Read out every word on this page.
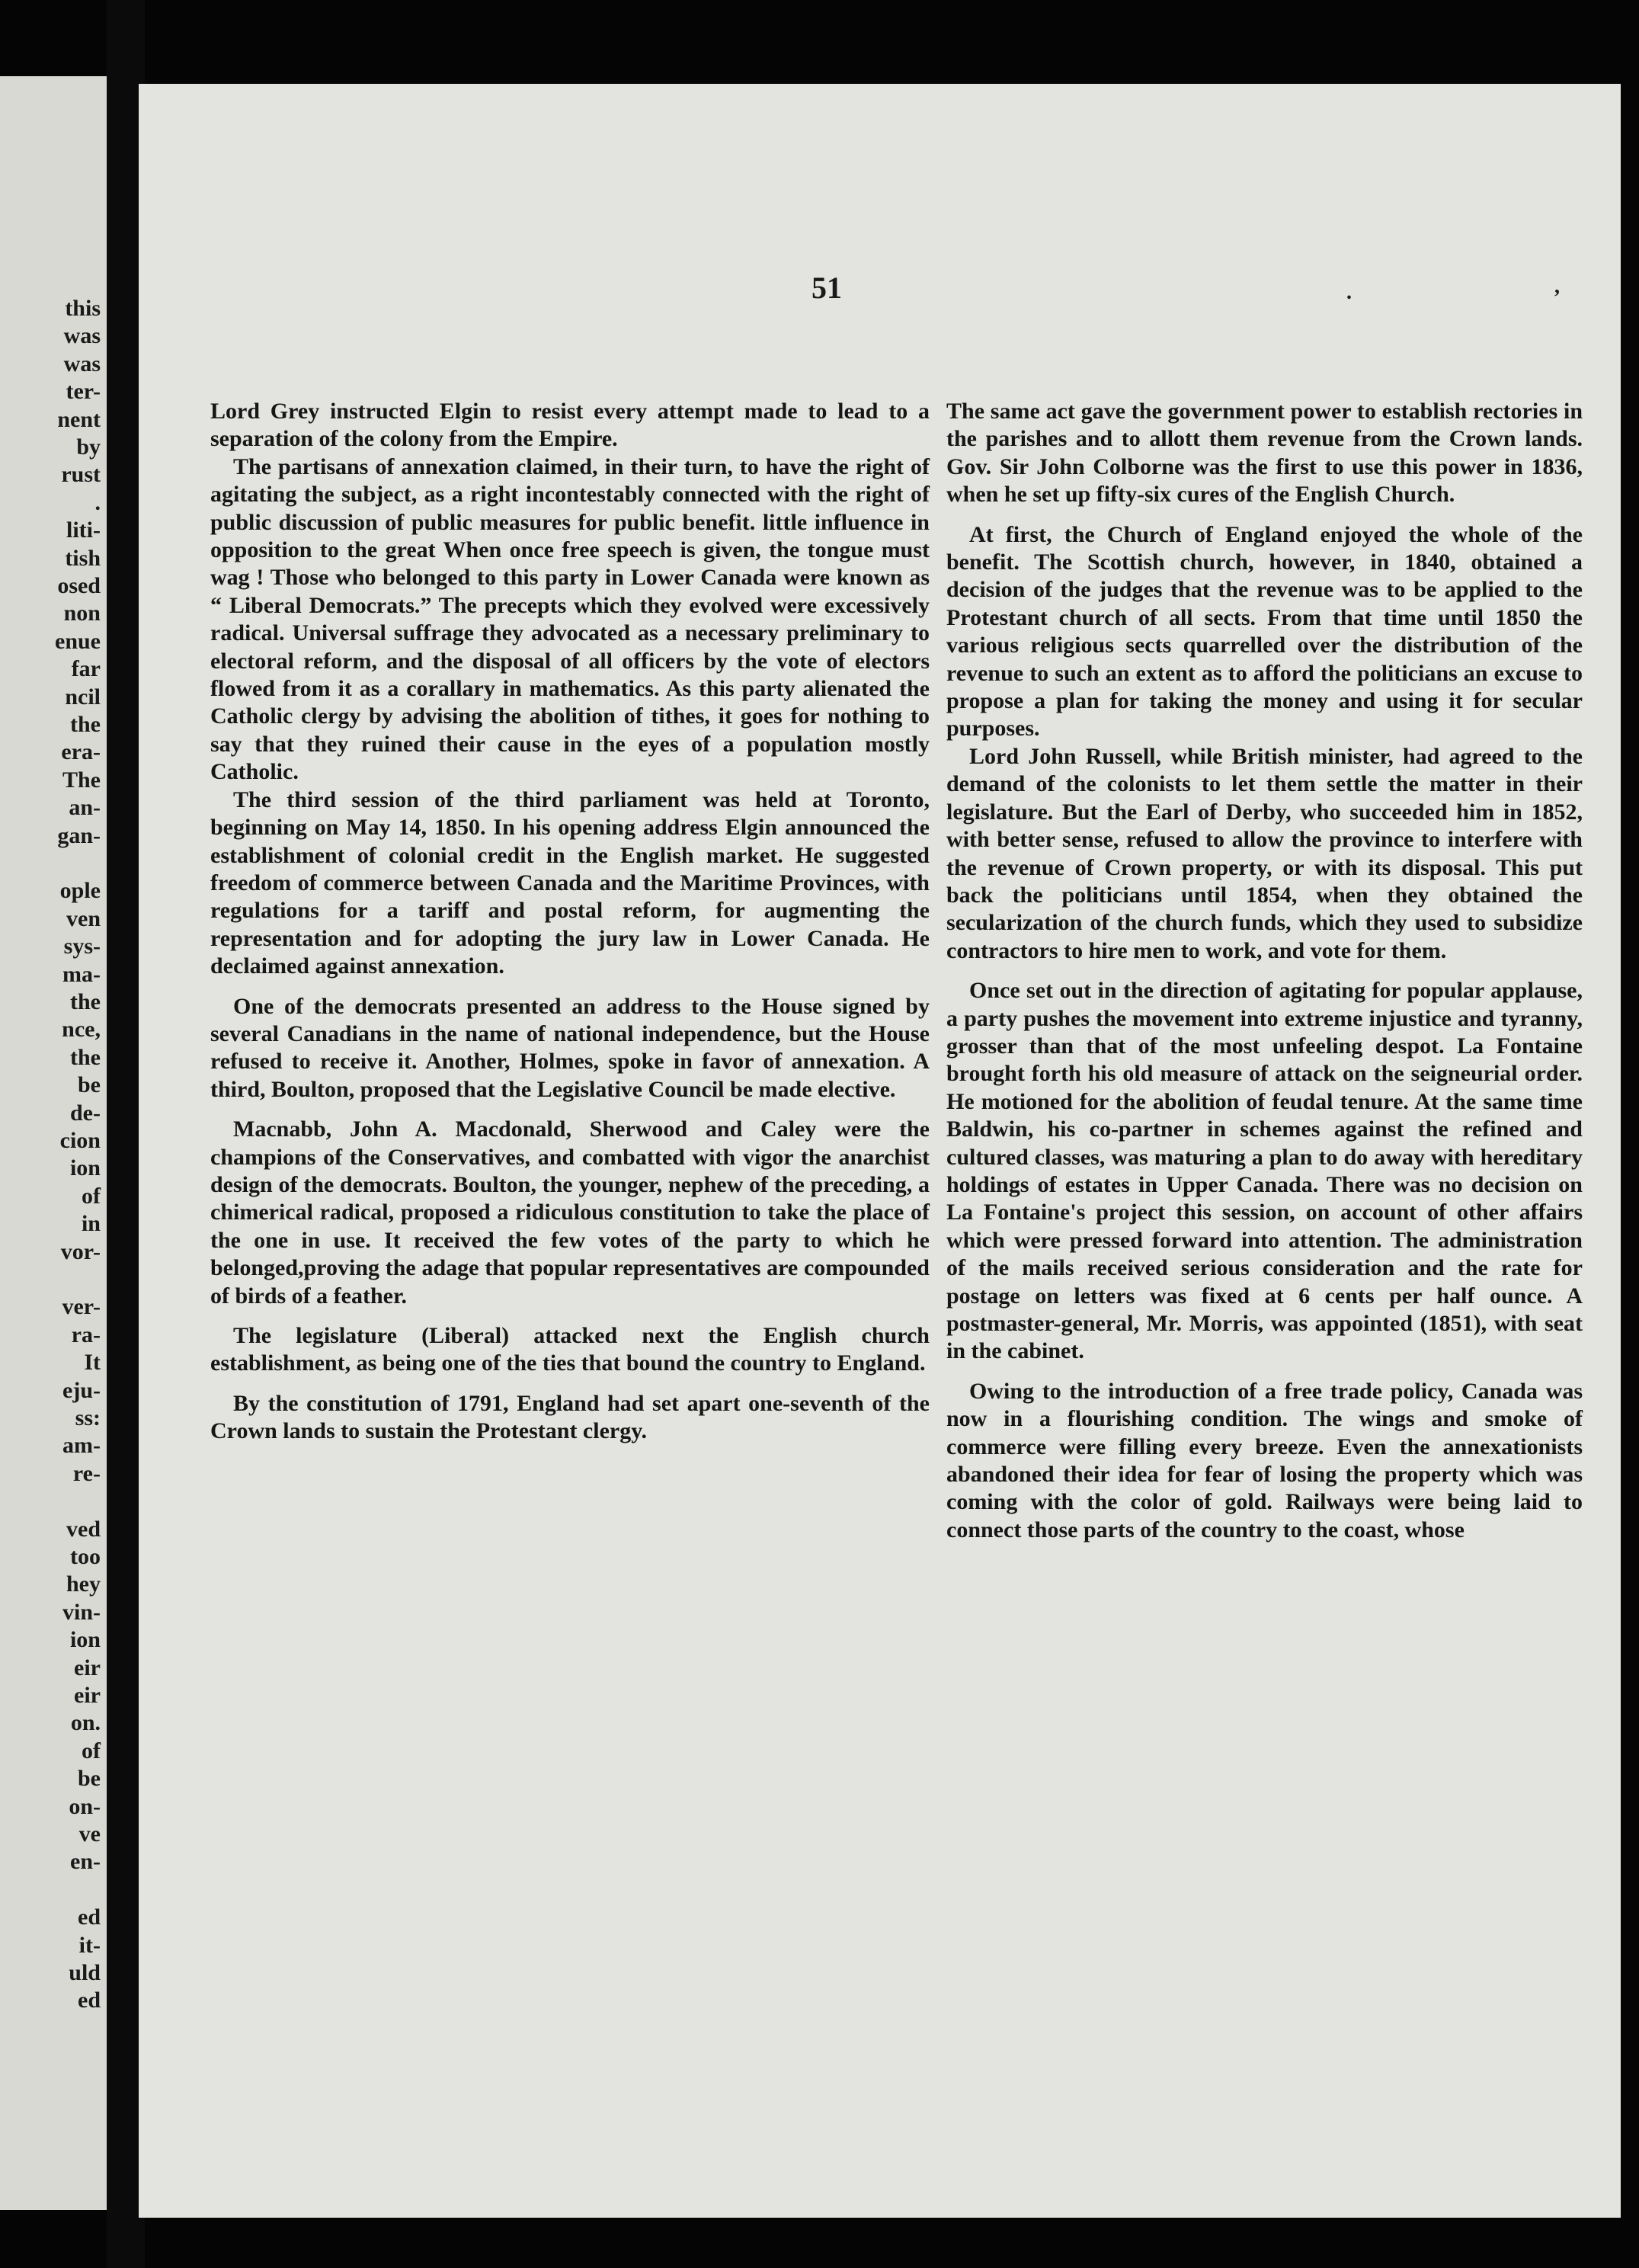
this
was
was
ter-
nent
by
rust
.
liti-
tish
osed
non
enue
far
ncil
the
era-
The
an-
gan-
ople
ven
sys-
ma-
the
nce,
the
be
de-
cion
ion
of
in
vor-
ver-
ra-
It
eju-
ss:
am-
re-
ved
too
hey
vin-
ion
eir
eir
on.
of
be
on-
ve
en-
ed
it-
uld
ed
51	.	,

Lord Grey instructed Elgin to resist every attempt made to lead to a separation of the colony from the Empire.

The partisans of annexation claimed, in their turn, to have the right of agitating the subject, as a right incontestably connected with the right of public discussion of public measures for public benefit. little influence in opposition to the great When once free speech is given, the tongue must wag ! Those who belonged to this party in Lower Canada were known as “ Liberal Democrats.” The precepts which they evolved were excessively radical. Universal suffrage they advocated as a necessary preliminary to electoral reform, and the disposal of all officers by the vote of electors flowed from it as a corallary in mathematics. As this party alienated the Catholic clergy by advising the abolition of tithes, it goes for nothing to say that they ruined their cause in the eyes of a population mostly Catholic.

The third session of the third parliament was held at Toronto, beginning on May 14, 1850. In his opening address Elgin announced the establishment of colonial credit in the English market. He suggested freedom of commerce between Canada and the Maritime Provinces, with regulations for a tariff and postal reform, for augmenting the representation and for adopting the jury law in Lower Canada. He declaimed against annexation.

One of the democrats presented an address to the House signed by several Canadians in the name of national independence, but the House refused to receive it. Another, Holmes, spoke in favor of annexation. A third, Boulton, proposed that the Legislative Council be made elective.

Macnabb, John A. Macdonald, Sherwood and Caley were the champions of the Conservatives, and combatted with vigor the anarchist design of the democrats. Boulton, the younger, nephew of the preceding, a chimerical radical, proposed a ridiculous constitution to take the place of the one in use. It received the few votes of the party to which he belonged,proving the adage that popular representatives are compounded of birds of a feather.

The legislature (Liberal) attacked next the English church establishment, as being one of the ties that bound the country to England.

By the constitution of 1791, England had set apart one-seventh of the Crown lands to sustain the Protestant clergy.

The same act gave the government power to establish rectories in the parishes and to allott them revenue from the Crown lands. Gov. Sir John Colborne was the first to use this power in 1836, when he set up fifty-six cures of the English Church.

At first, the Church of England enjoyed the whole of the benefit. The Scottish church, however, in 1840, obtained a decision of the judges that the revenue was to be applied to the Protestant church of all sects. From that time until 1850 the various religious sects quarrelled over the distribution of the revenue to such an extent as to afford the politicians an excuse to propose a plan for taking the money and using it for secular purposes.

Lord John Russell, while British minister, had agreed to the demand of the colonists to let them settle the matter in their legislature. But the Earl of Derby, who succeeded him in 1852, with better sense, refused to allow the province to interfere with the revenue of Crown property, or with its disposal. This put back the politicians until 1854, when they obtained the secularization of the church funds, which they used to subsidize contractors to hire men to work, and vote for them.

Once set out in the direction of agitating for popular applause, a party pushes the movement into extreme injustice and tyranny, grosser than that of the most unfeeling despot. La Fontaine brought forth his old measure of attack on the seigneurial order. He motioned for the abolition of feudal tenure. At the same time Baldwin, his co-partner in schemes against the refined and cultured classes, was maturing a plan to do away with hereditary holdings of estates in Upper Canada. There was no decision on La Fontaine's project this session, on account of other affairs which were pressed forward into attention. The administration of the mails received serious consideration and the rate for postage on letters was fixed at 6 cents per half ounce. A postmaster-general, Mr. Morris, was appointed (1851), with seat in the cabinet.

Owing to the introduction of a free trade policy, Canada was now in a flourishing condition. The wings and smoke of commerce were filling every breeze. Even the annexationists abandoned their idea for fear of losing the property which was coming with the color of gold. Railways were being laid to connect those parts of the country to the coast, whose
